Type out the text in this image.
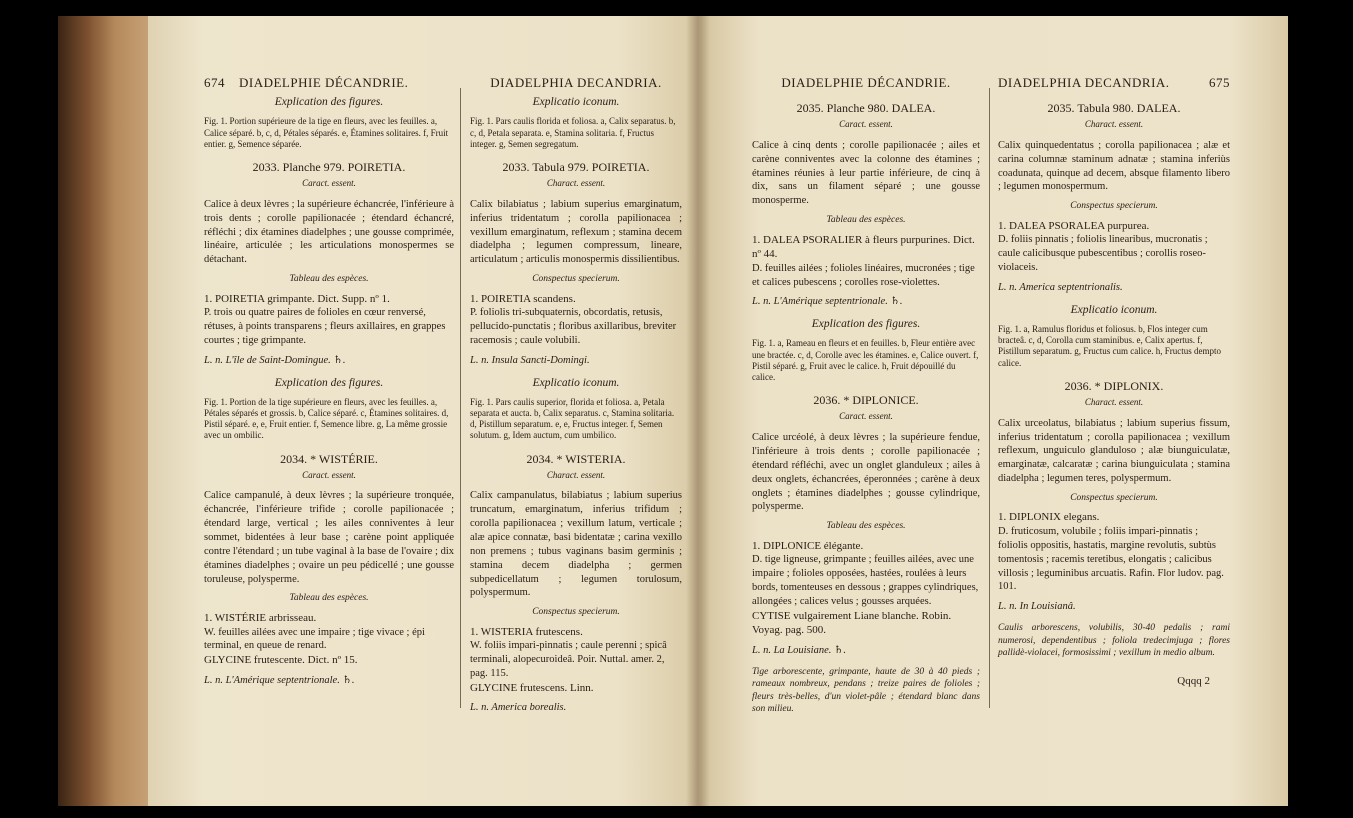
674 DIADELPHIE DÉCANDRIE.
Explication des figures.

Fig. 1. Portion supérieure de la tige en fleurs, avec les feuilles. a, Calice séparé. b, c, d, Pétales séparés. e, Étamines solitaires. f, Fruit entier. g, Semence séparée.

2033. Planche 979. POIRETIA.
Caract. essent.

Calice à deux lèvres ; la supérieure échancrée, l'inférieure à trois dents ; corolle papilionacée ; étendard échancré, réfléchi ; dix étamines diadelphes ; une gousse comprimée, linéaire, articulée ; les articulations monospermes se détachant.

Tableau des espèces.
1. POIRETIA grimpante. Dict. Supp. nº 1.
P. trois ou quatre paires de folioles en cœur renversé, rétuses, à points transparens ; fleurs axillaires, en grappes courtes ; tige grimpante.

L. n. L'île de Saint-Domingue. ♄.

Explication des figures.

Fig. 1. Portion de la tige supérieure en fleurs, avec les feuilles. a, Pétales séparés et grossis. b, Calice séparé. c, Étamines solitaires. d, Pistil séparé. e, e, Fruit entier. f, Semence libre. g, La même grossie avec un ombilic.

2034. * WISTÉRIE.
Caract. essent.

Calice campanulé, à deux lèvres ; la supérieure tronquée, échancrée, l'inférieure trifide ; corolle papilionacée ; étendard large, vertical ; les ailes conniventes à leur sommet, bidentées à leur base ; carène point appliquée contre l'étendard ; un tube vaginal à la base de l'ovaire ; dix étamines diadelphes ; ovaire un peu pédicellé ; une gousse toruleuse, polysperme.

Tableau des espèces.
1. WISTÉRIE arbrisseau.
W. feuilles ailées avec une impaire ; tige vivace ; épi terminal, en queue de renard.
GLYCINE frutescente. Dict. nº 15.

L. n. L'Amérique septentrionale. ♄.

DIADELPHIA DECANDRIA.
Explicatio iconum.

Fig. 1. Pars caulis florida et foliosa. a, Calix separatus. b, c, d, Petala separata. e, Stamina solitaria. f, Fructus integer. g, Semen segregatum.

2033. Tabula 979. POIRETIA.
Charact. essent.

Calix bilabiatus ; labium superius emarginatum, inferius tridentatum ; corolla papilionacea ; vexillum emarginatum, reflexum ; stamina decem diadelpha ; legumen compressum, lineare, articulatum ; articulis monospermis dissilientibus.

Conspectus specierum.
1. POIRETIA scandens.
P. foliolis tri-subquaternis, obcordatis, retusis, pellucido-punctatis ; floribus axillaribus, breviter racemosis ; caule volubili.

L. n. Insula Sancti-Domingi.

Explicatio iconum.

Fig. 1. Pars caulis superior, florida et foliosa. a, Petala separata et aucta. b, Calix separatus. c, Stamina solitaria. d, Pistillum separatum. e, e, Fructus integer. f, Semen solutum. g, Idem auctum, cum umbilico.

2034. * WISTERIA.
Charact. essent.

Calix campanulatus, bilabiatus ; labium superius truncatum, emarginatum, inferius trifidum ; corolla papilionacea ; vexillum latum, verticale ; alæ apice connatæ, basi bidentatæ ; carina vexillo non premens ; tubus vaginans basim germinis ; stamina decem diadelpha ; germen subpedicellatum ; legumen torulosum, polyspermum.

Conspectus specierum.
1. WISTERIA frutescens.
W. foliis impari-pinnatis ; caule perenni ; spicâ terminali, alopecuroideâ. Poir. Nuttal. amer. 2, pag. 115.
GLYCINE frutescens. Linn.

L. n. America borealis.

DIADELPHIE DÉCANDRIE.
2035. Planche 980. DALEA.
Caract. essent.

Calice à cinq dents ; corolle papilionacée ; ailes et carène conniventes avec la colonne des étamines ; étamines réunies à leur partie inférieure, de cinq à dix, sans un filament séparé ; une gousse monosperme.

Tableau des espèces.
1. DALEA PSORALIER à fleurs purpurines. Dict. nº 44.
D. feuilles ailées ; folioles linéaires, mucronées ; tige et calices pubescens ; corolles rose-violettes.

L. n. L'Amérique septentrionale. ♄.

Explication des figures.

Fig. 1. a, Rameau en fleurs et en feuilles. b, Fleur entière avec une bractée. c, d, Corolle avec les étamines. e, Calice ouvert. f, Pistil séparé. g, Fruit avec le calice. h, Fruit dépouillé du calice.

2036. * DIPLONICE.
Caract. essent.

Calice urcéolé, à deux lèvres ; la supérieure fendue, l'inférieure à trois dents ; corolle papilionacée ; étendard réfléchi, avec un onglet glanduleux ; ailes à deux onglets, échancrées, éperonnées ; carène à deux onglets ; étamines diadelphes ; gousse cylindrique, polysperme.

Tableau des espèces.
1. DIPLONICE élégante.
D. tige ligneuse, grimpante ; feuilles ailées, avec une impaire ; folioles opposées, hastées, roulées à leurs bords, tomenteuses en dessous ; grappes cylindriques, allongées ; calices velus ; gousses arquées.
CYTISE vulgairement Liane blanche. Robin. Voyag. pag. 500.

L. n. La Louisiane. ♄.

Tige arborescente, grimpante, haute de 30 à 40 pieds ; rameaux nombreux, pendans ; treize paires de folioles ; fleurs très-belles, d'un violet-pâle ; étendard blanc dans son milieu.

DIADELPHIA DECANDRIA.	675
2035. Tabula 980. DALEA.
Charact. essent.

Calix quinquedentatus ; corolla papilionacea ; alæ et carina columnæ staminum adnatæ ; stamina inferiùs coadunata, quinque ad decem, absque filamento libero ; legumen monospermum.

Conspectus specierum.
1. DALEA PSORALEA purpurea.
D. foliis pinnatis ; foliolis linearibus, mucronatis ; caule calicibusque pubescentibus ; corollis roseo-violaceis.

L. n. America septentrionalis.

Explicatio iconum.

Fig. 1. a, Ramulus floridus et foliosus. b, Flos integer cum bracteâ. c, d, Corolla cum staminibus. e, Calix apertus. f, Pistillum separatum. g, Fructus cum calice. h, Fructus dempto calice.

2036. * DIPLONIX.
Charact. essent.

Calix urceolatus, bilabiatus ; labium superius fissum, inferius tridentatum ; corolla papilionacea ; vexillum reflexum, unguiculo glanduloso ; alæ biunguiculatæ, emarginatæ, calcaratæ ; carina biunguiculata ; stamina diadelpha ; legumen teres, polyspermum.

Conspectus specierum.
1. DIPLONIX elegans.
D. fruticosum, volubile ; foliis impari-pinnatis ; foliolis oppositis, hastatis, margine revolutis, subtùs tomentosis ; racemis teretibus, elongatis ; calicibus villosis ; leguminibus arcuatis. Rafin. Flor ludov. pag. 101.

L. n. In Louisianâ.

Caulis arborescens, volubilis, 30-40 pedalis ; rami numerosi, dependentibus ; foliola tredecimjuga ; flores pallidè-violacei, formosissimi ; vexillum in medio album.

Qqqq 2
